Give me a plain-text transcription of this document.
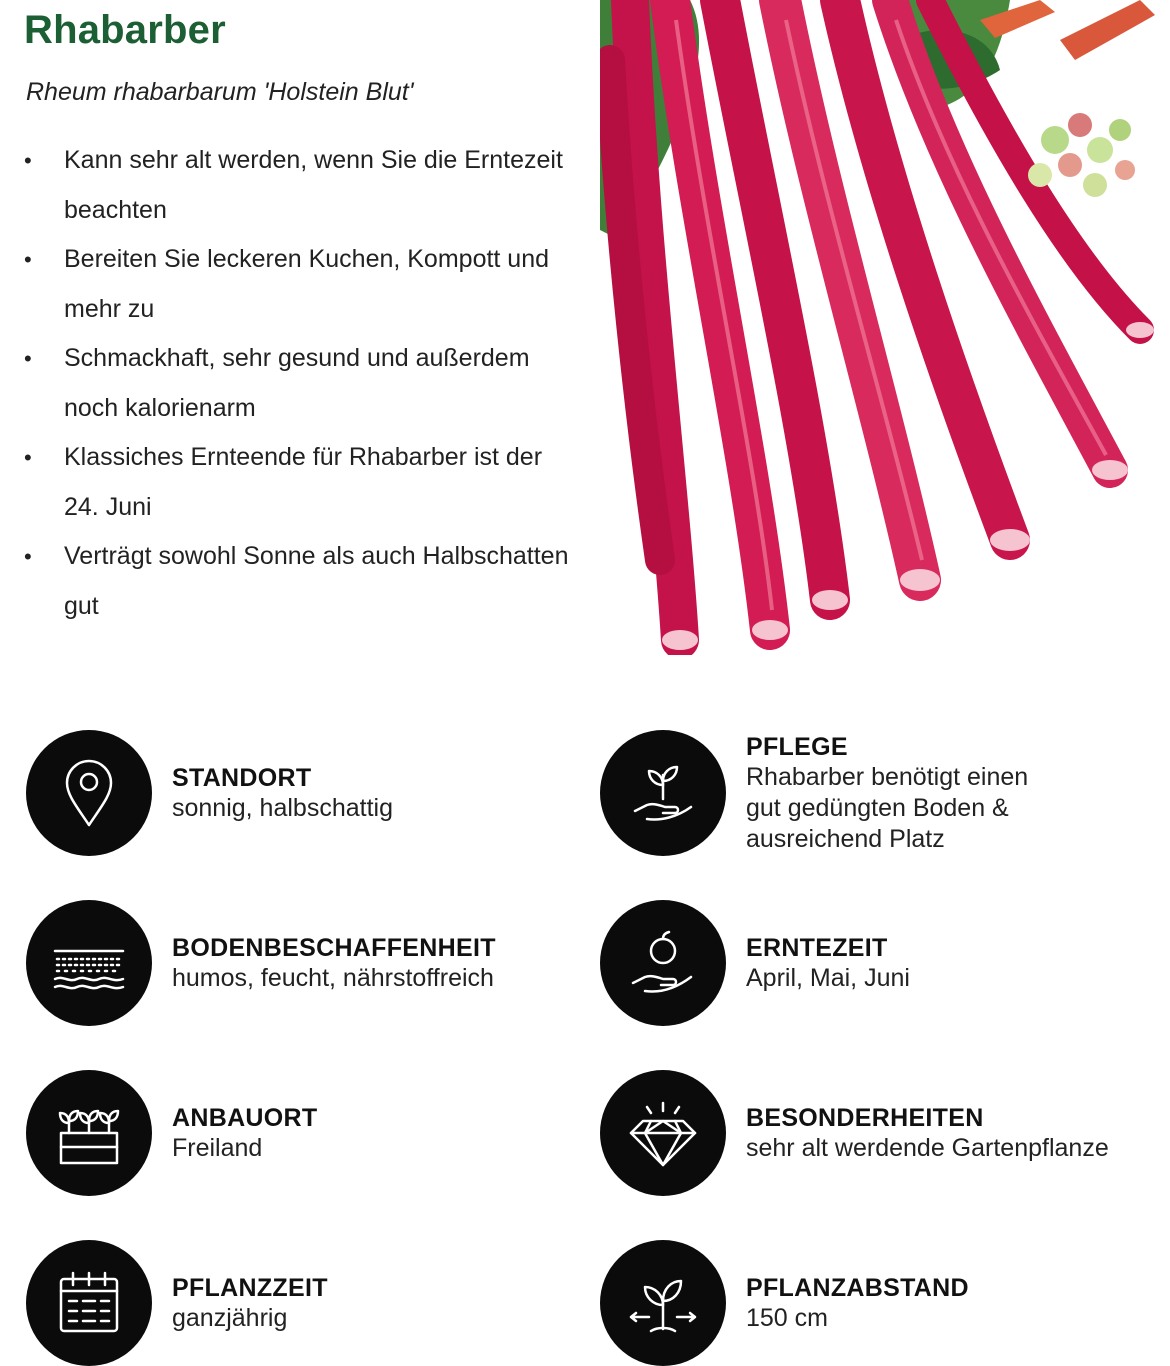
Rhabarber

Rheum rhabarbarum 'Holstein Blut'

• Kann sehr alt werden, wenn Sie die Erntezeit beachten
• Bereiten Sie leckeren Kuchen, Kompott und mehr zu
• Schmackhaft, sehr gesund und außerdem noch kalorienarm
• Klassiches Ernteende für Rhabarber ist der 24. Juni
• Verträgt sowohl Sonne als auch Halbschatten gut
STANDORT
sonnig, halbschattig
PFLEGE
Rhabarber benötigt einen gut gedüngten Boden & ausreichend Platz
BODENBESCHAFFENHEIT
humos, feucht, nährstoffreich
ERNTEZEIT
April, Mai, Juni
ANBAUORT
Freiland
BESONDERHEITEN
sehr alt werdende Gartenpflanze
PFLANZZEIT
ganzjährig
PFLANZABSTAND
150 cm
